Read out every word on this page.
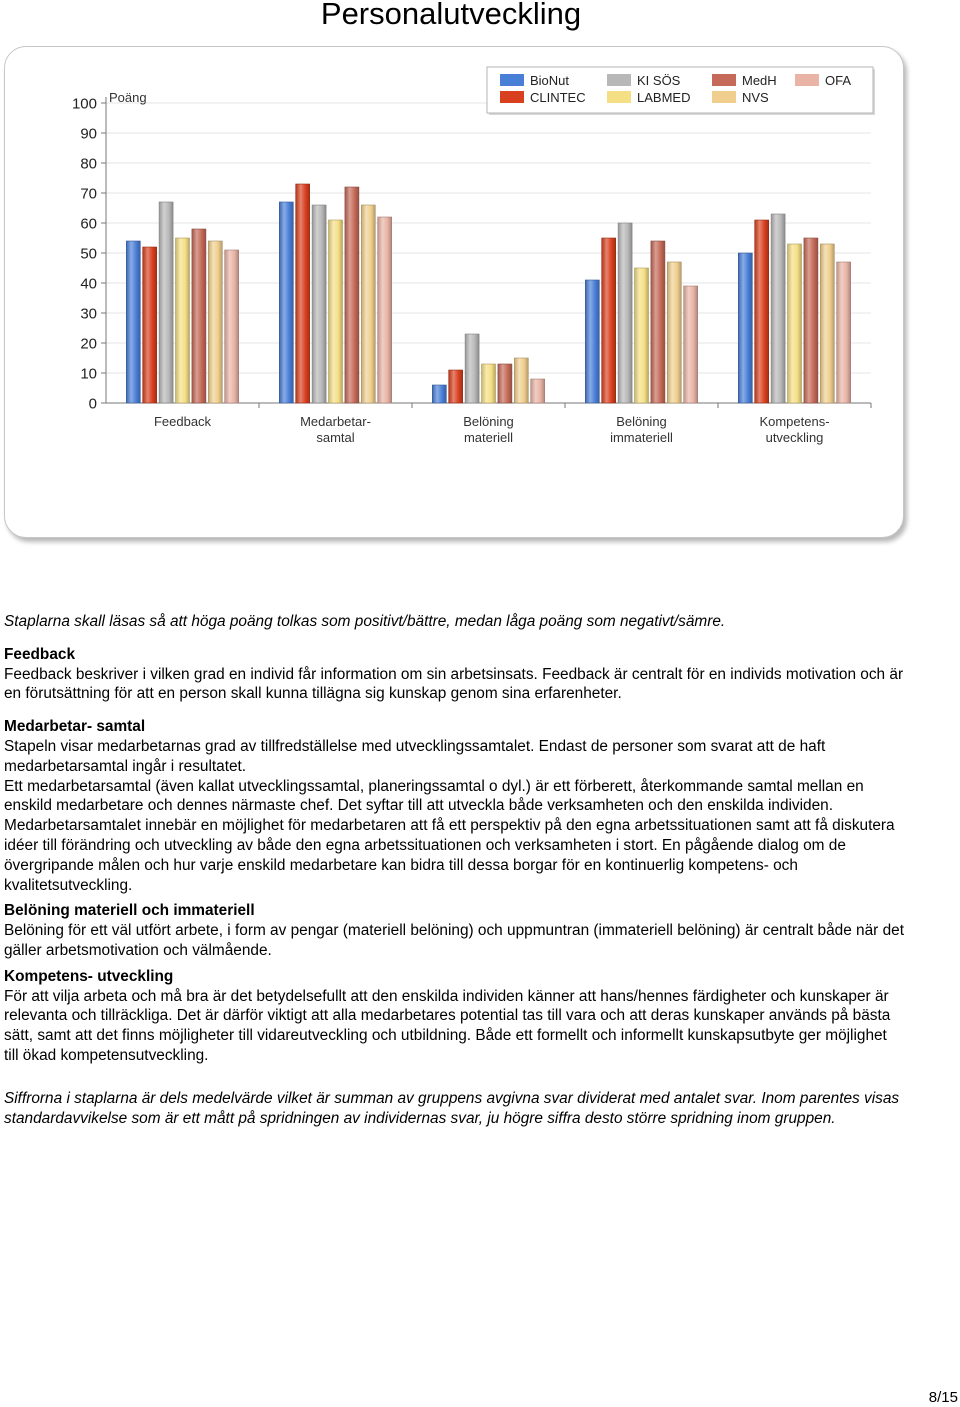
Personalutveckling
0
10
20
30
40
50
60
70
80
90
100 Poäng
Feedback	Medarbetar-
samtal
Belöning
materiell
Belöning
immateriell
Kompetens-
utveckling
BioNut	KI SÖS	MedH	OFA
CLINTEC	LABMED	NVS

Staplarna skall läsas så att höga poäng tolkas som positivt/bättre, medan låga poäng som negativt/sämre.

Feedback

Feedback beskriver i vilken grad en individ får information om sin arbetsinsats. Feedback är centralt för en individs motivation och är en förutsättning för att en person skall kunna tillägna sig kunskap genom sina erfarenheter.

Medarbetar- samtal

Stapeln visar medarbetarnas grad av tillfredställelse med utvecklingssamtalet. Endast de personer som svarat att de haft medarbetarsamtal ingår i resultatet.

Ett medarbetarsamtal (även kallat utvecklingssamtal, planeringssamtal o dyl.) är ett förberett, återkommande samtal mellan en enskild medarbetare och dennes närmaste chef. Det syftar till att utveckla både verksamheten och den enskilda individen. Medarbetarsamtalet innebär en möjlighet för medarbetaren att få ett perspektiv på den egna arbetssituationen samt att få diskutera idéer till förändring och utveckling av både den egna arbetssituationen och verksamheten i stort. En pågående dialog om de övergripande målen och hur varje enskild medarbetare kan bidra till dessa borgar för en kontinuerlig kompetens- och kvalitetsutveckling.

Belöning materiell och immateriell

Belöning för ett väl utfört arbete, i form av pengar (materiell belöning) och uppmuntran (immateriell belöning) är centralt både när det gäller arbetsmotivation och välmående.

Kompetens- utveckling

För att vilja arbeta och må bra är det betydelsefullt att den enskilda individen känner att hans/hennes färdigheter och kunskaper är relevanta och tillräckliga. Det är därför viktigt att alla medarbetares potential tas till vara och att deras kunskaper används på bästa sätt, samt att det finns möjligheter till vidareutveckling och utbildning. Både ett formellt och informellt kunskapsutbyte ger möjlighet till ökad kompetensutveckling.

Siffrorna i staplarna är dels medelvärde vilket är summan av gruppens avgivna svar dividerat med antalet svar. Inom parentes visas standardavvikelse som är ett mått på spridningen av individernas svar, ju högre siffra desto större spridning inom gruppen.

8/15
